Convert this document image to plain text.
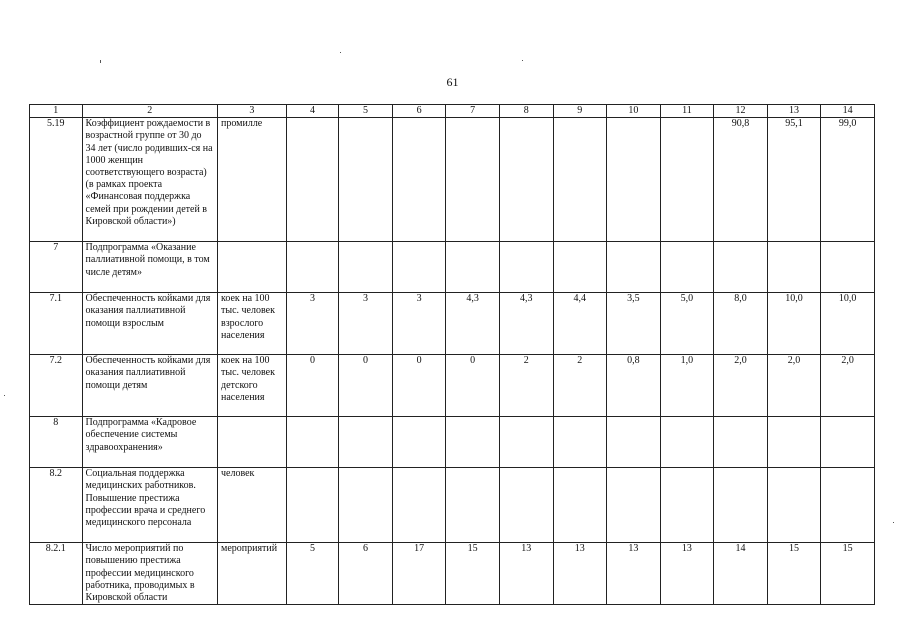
61
1	2	3	4	5	6	7	8	9	10	11	12	13	14
5.19	Коэффициент рождаемости в возрастной группе от 30 до 34 лет (число родивших-ся на 1000 женщин соответствующего возраста) (в рамках проекта «Финансовая поддержка семей при рождении детей в Кировской области»)	промилле									90,8	95,1	99,0
7	Подпрограмма «Оказание паллиативной помощи, в том числе детям»												
7.1	Обеспеченность койками для оказания паллиативной помощи взрослым	коек на 100 тыс. человек взрослого населения	3	3	3	4,3	4,3	4,4	3,5	5,0	8,0	10,0	10,0
7.2	Обеспеченность койками для оказания паллиативной помощи детям	коек на 100 тыс. человек детского населения	0	0	0	0	2	2	0,8	1,0	2,0	2,0	2,0
8	Подпрограмма «Кадровое обеспечение системы здравоохранения»												
8.2	Социальная поддержка медицинских работников. Повышение престижа профессии врача и среднего медицинского персонала	человек											
8.2.1	Число мероприятий по повышению престижа профессии медицинского работника, проводимых в Кировской области	мероприятий	5	6	17	15	13	13	13	13	14	15	15
